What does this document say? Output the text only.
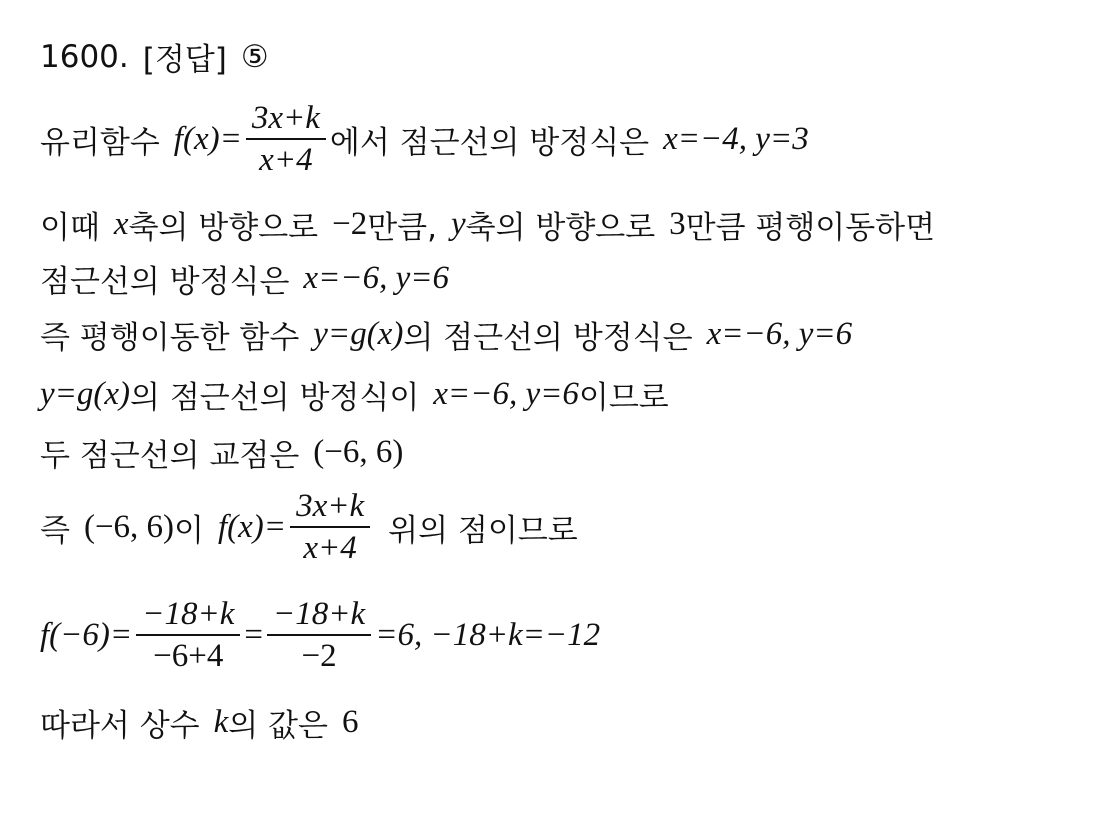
1600. [정답] ⑤
유리함수 $f(x)= \frac{3x+k}{x+4}$ 에서 점근선의 방정식은 x=−4, y=3
이때 x 축의 방향으로 −2 만큼, y 축의 방향으로 3 만큼 평행이동하면
점근선의 방정식은 x=−6, y=6
즉 평행이동한 함수 y=g(x) 의 점근선의 방정식은 x=−6, y=6
y=g(x) 의 점근선의 방정식이 x=−6, y=6 이므로
두 점근선의 교점은 (−6, 6)
즉 (−6, 6) 이 $f(x)= \frac{3x+k}{x+4}$ 위의 점이므로
$f(-6)= \frac{-18+k}{-6+4} = \frac{-18+k}{-2} =6$, −18+k=−12
따라서 상수 k 의 값은 6
